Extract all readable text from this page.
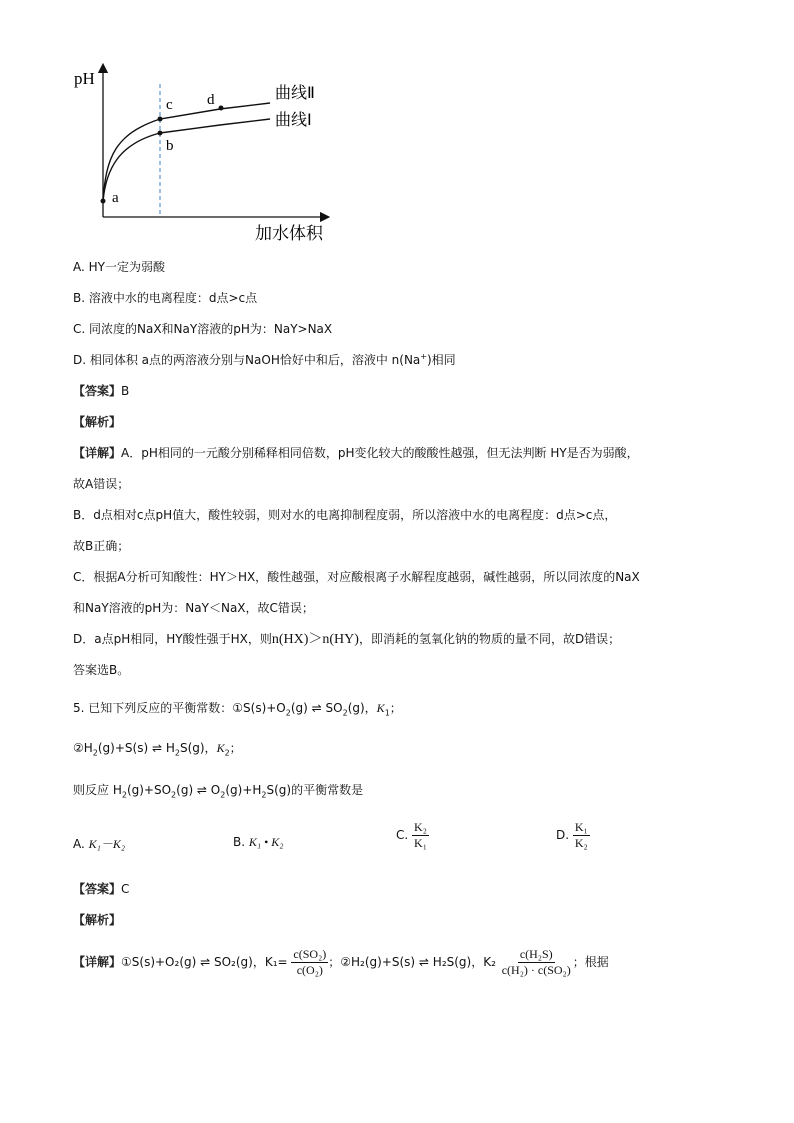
pH
加水体积
a
b
c d	曲线Ⅱ
曲线Ⅰ
A. HY一定为弱酸
B. 溶液中水的电离程度：d点>c点
C. 同浓度的NaX和NaY溶液的pH为：NaY>NaX
D. 相同体积 a点的两溶液分别与NaOH恰好中和后，溶液中 n(Na+)相同
【答案】B
【解析】
【详解】A．pH相同的一元酸分别稀释相同倍数，pH变化较大的酸酸性越强，但无法判断 HY是否为弱酸，
故A错误；
B．d点相对c点pH值大，酸性较弱，则对水的电离抑制程度弱，所以溶液中水的电离程度：d点>c点，
故B正确；
C．根据A分析可知酸性：HY＞HX，酸性越强，对应酸根离子水解程度越弱，碱性越弱，所以同浓度的NaX
和NaY溶液的pH为：NaY＜NaX，故C错误；
D．a点pH相同，HY酸性强于HX，则n(HX)＞n(HY)，即消耗的氢氧化钠的物质的量不同，故D错误；
答案选B。
5. 已知下列反应的平衡常数：$①S(s)+O_2(g)$ ⇌ $SO_2(g)$，$K_1$；
$②H_2(g)+S(s)$ ⇌ $H_2S(g)$，$K_2$；
则反应 $H_2(g)+SO_2(g)$ ⇌ $O_2(g)+H_2S(g)$的平衡常数是
A. K₁－K₂	B. K₁ • K₂	C. $\frac{\text{K₂}}{\text{K₁}}$	D. $\frac{\text{K₁}}{\text{K₂}}$
【答案】C
【解析】
【详解】①S(s)+O₂(g) ⇌ SO₂(g)，$K_1= \frac{\text{c(SO₂)}}{\text{c(O₂)}}$ ；②H₂(g)+S(s) ⇌ H₂S(g)，$K_2 \frac{\text{c(H₂S)}}{\text{c(H₂) · c(SO₂)}}$ ；根据
